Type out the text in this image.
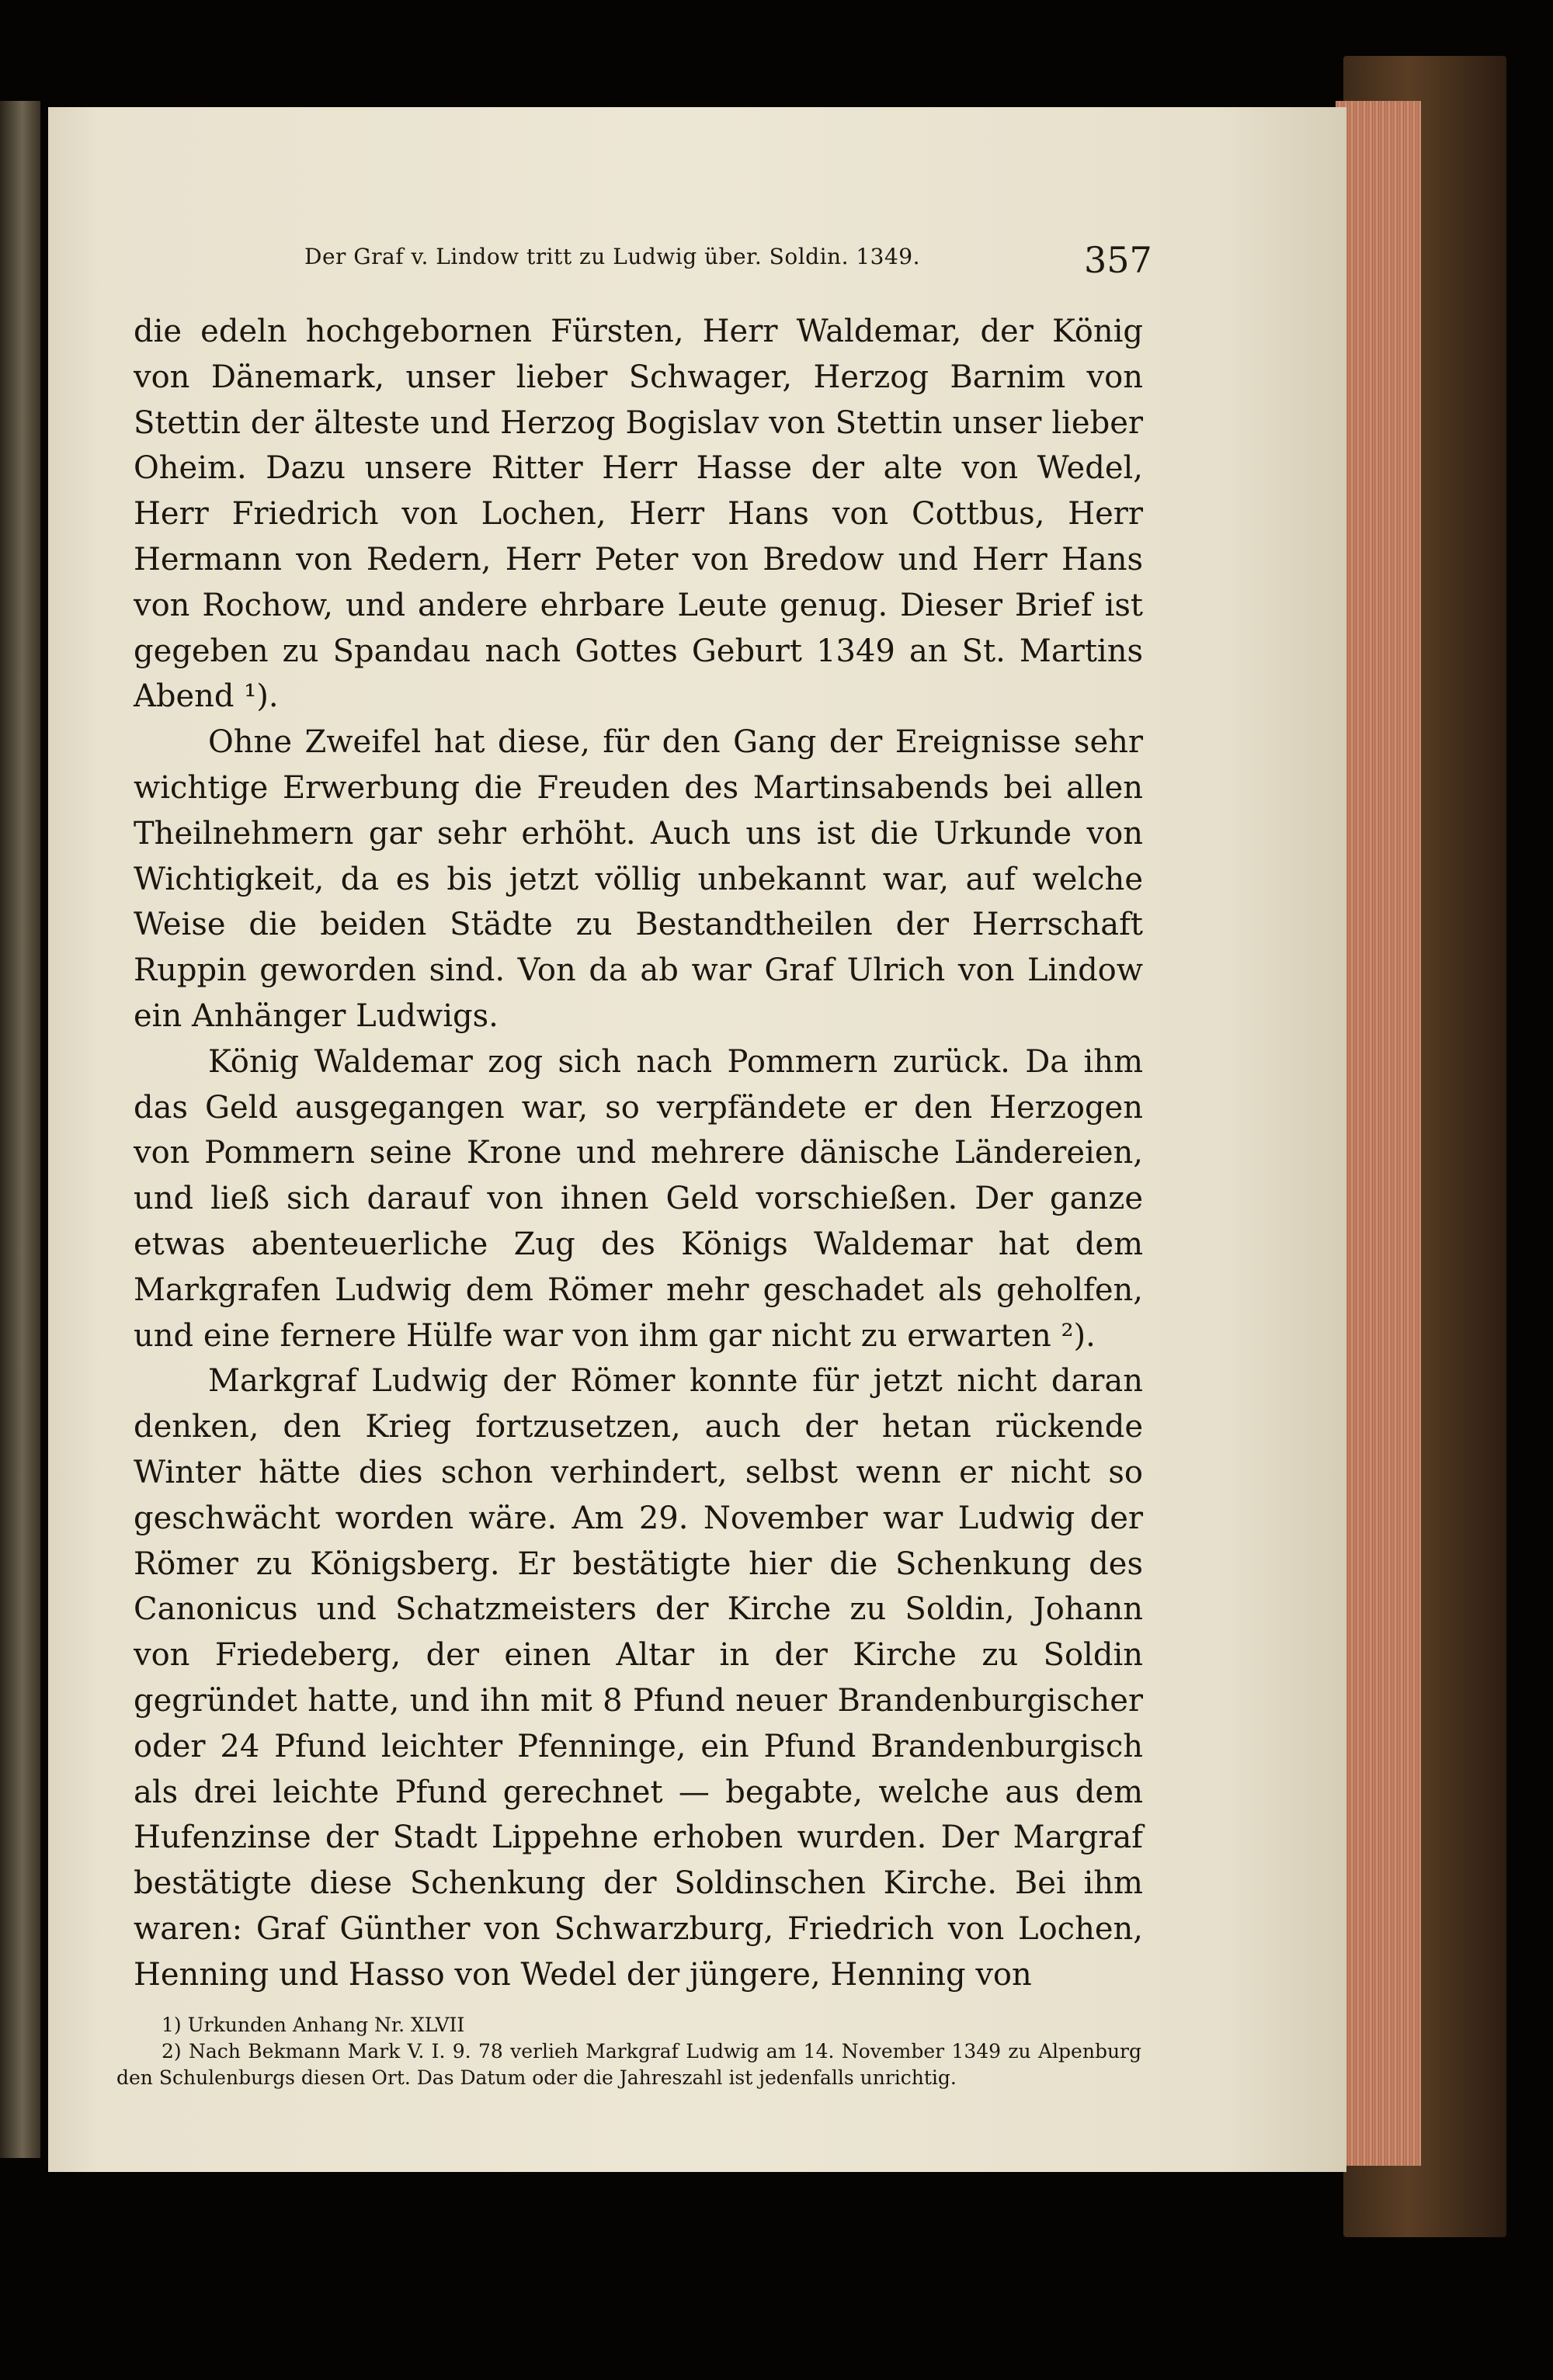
Der Graf v. Lindow tritt zu Ludwig über. Soldin. 1349.	357

die edeln hochgebornen Fürsten, Herr Waldemar, der König von Dänemark, unser lieber Schwager, Herzog Barnim von Stettin der älteste und Herzog Bogislav von Stettin unser lieber Oheim. Dazu unsere Ritter Herr Hasse der alte von Wedel, Herr Friedrich von Lochen, Herr Hans von Cottbus, Herr Hermann von Redern, Herr Peter von Bredow und Herr Hans von Rochow, und andere ehrbare Leute genug. Dieser Brief ist gegeben zu Spandau nach Gottes Geburt 1349 an St. Martins Abend ¹).

Ohne Zweifel hat diese, für den Gang der Ereignisse sehr wichtige Erwerbung die Freuden des Martinsabends bei allen Theilnehmern gar sehr erhöht. Auch uns ist die Urkunde von Wichtigkeit, da es bis jetzt völlig unbekannt war, auf welche Weise die beiden Städte zu Bestandtheilen der Herrschaft Ruppin geworden sind. Von da ab war Graf Ulrich von Lindow ein Anhänger Ludwigs.

König Waldemar zog sich nach Pommern zurück. Da ihm das Geld ausgegangen war, so verpfändete er den Herzogen von Pommern seine Krone und mehrere dänische Ländereien, und ließ sich darauf von ihnen Geld vorschießen. Der ganze etwas abenteuerliche Zug des Königs Waldemar hat dem Markgrafen Ludwig dem Römer mehr geschadet als geholfen, und eine fernere Hülfe war von ihm gar nicht zu erwarten ²).

Markgraf Ludwig der Römer konnte für jetzt nicht daran denken, den Krieg fortzusetzen, auch der hetan rückende Winter hätte dies schon verhindert, selbst wenn er nicht so geschwächt worden wäre. Am 29. November war Ludwig der Römer zu Königsberg. Er bestätigte hier die Schenkung des Canonicus und Schatzmeisters der Kirche zu Soldin, Johann von Friedeberg, der einen Altar in der Kirche zu Soldin gegründet hatte, und ihn mit 8 Pfund neuer Brandenburgischer oder 24 Pfund leichter Pfenninge, ein Pfund Brandenburgisch als drei leichte Pfund gerechnet — begabte, welche aus dem Hufenzinse der Stadt Lippehne erhoben wurden. Der Margraf bestätigte diese Schenkung der Soldinschen Kirche. Bei ihm waren: Graf Günther von Schwarzburg, Friedrich von Lochen, Henning und Hasso von Wedel der jüngere, Henning von

1) Urkunden Anhang Nr. XLVII

2) Nach Bekmann Mark V. I. 9. 78 verlieh Markgraf Ludwig am 14. November 1349 zu Alpenburg den Schulenburgs diesen Ort. Das Datum oder die Jahreszahl ist jedenfalls unrichtig.
